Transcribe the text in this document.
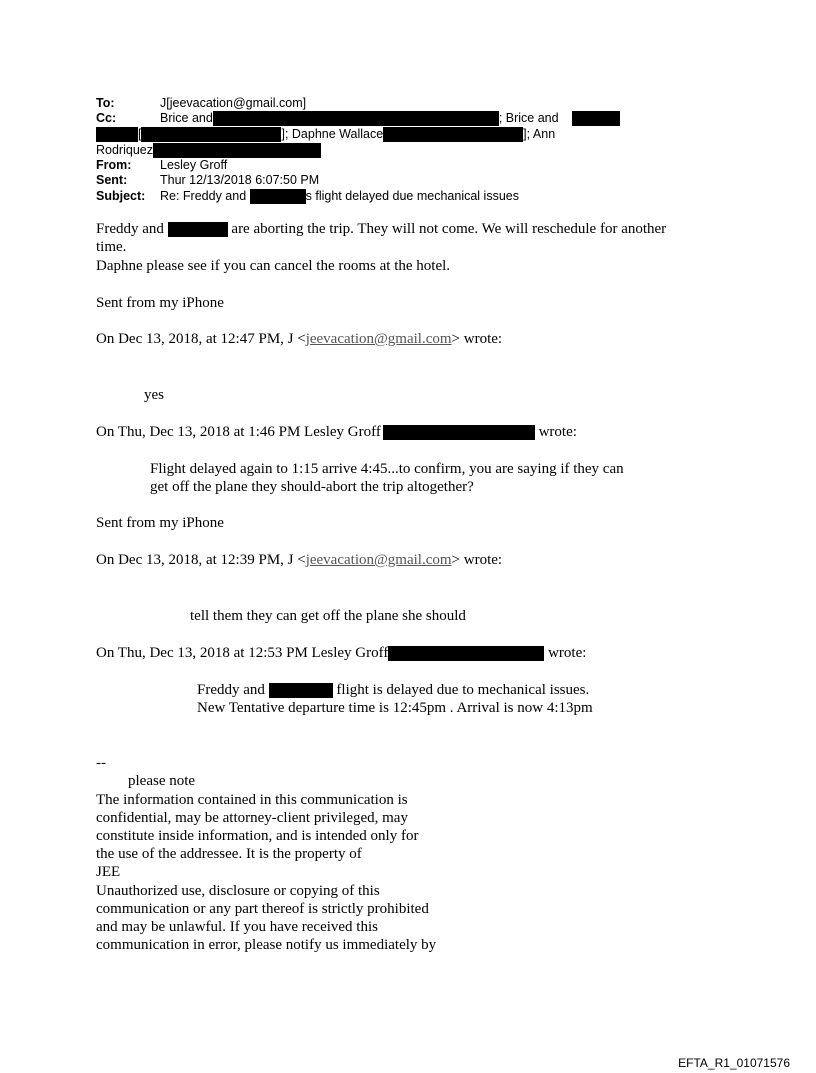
To:	J[jeevacation@gmail.com]
Cc:	Brice and	; Brice and
[	]; Daphne Wallace	]; Ann
Rodriquez
From: Lesley Groff
Sent:	Thur 12/13/2018 6:07:50 PM
Subject: Re: Freddy and	s flight delayed due mechanical issues
Freddy and	are aborting the trip. They will not come. We will reschedule for another
time.
Daphne please see if you can cancel the rooms at the hotel.
Sent from my iPhone
On Dec 13, 2018, at 12:47 PM, J <jeevacation@gmail.com> wrote:
yes
On Thu, Dec 13, 2018 at 1:46 PM Lesley Groff	wrote:
Flight delayed again to 1:15 arrive 4:45...to confirm, you are saying if they can
get off the plane they should-abort the trip altogether?
Sent from my iPhone
On Dec 13, 2018, at 12:39 PM, J <jeevacation@gmail.com> wrote:
tell them they can get off the plane she should
On Thu, Dec 13, 2018 at 12:53 PM Lesley Groff	wrote:
Freddy and	flight is delayed due to mechanical issues.
New Tentative departure time is 12:45pm . Arrival is now 4:13pm
--
please note
The information contained in this communication is
confidential, may be attorney-client privileged, may
constitute inside information, and is intended only for
the use of the addressee. It is the property of
JEE
Unauthorized use, disclosure or copying of this
communication or any part thereof is strictly prohibited
and may be unlawful. If you have received this
communication in error, please notify us immediately by
EFTA_R1_01071576
